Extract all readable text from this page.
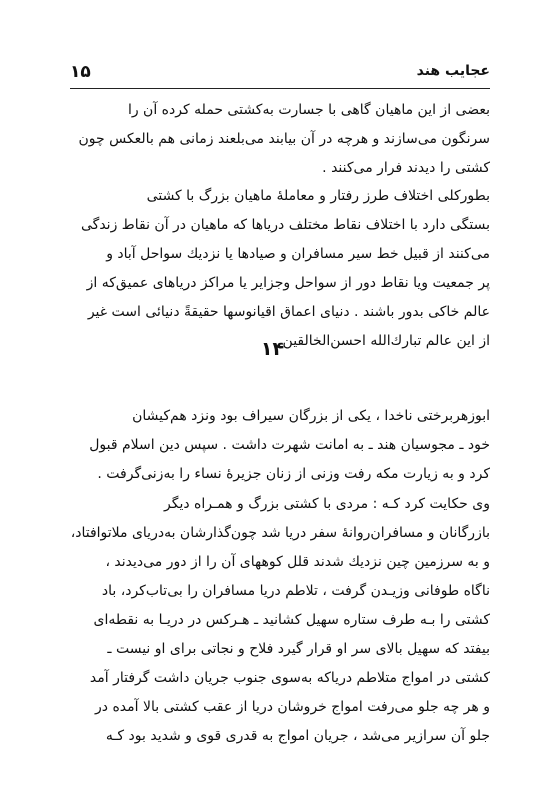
عجایب هند
۱۵
بعضی از این ماهیان گاهی با جسارت به‌کشتی حمله کرده آن را
سرنگون می‌سازند و هرچه در آن بیابند می‌بلعند زمانی هم بالعکس چون
کشتی را دیدند فرار می‌کنند .
بطورکلی اختلاف طرز رفتار و معاملهٔ ماهیان بزرگ با کشتی
بستگی دارد با اختلاف نقاط مختلف دریاها که ماهیان در آن نقاط زندگی
می‌کنند از قبیل خط سیر مسافران و صیادها یا نزدیك سواحل آباد و
پر جمعیت ویا نقاط دور از سواحل وجزایر یا مراکز دریاهای عمیق‌که از
عالم خاکی بدور باشند . دنیای اعماق اقیانوسها حقیقةً دنیائی است غیر
از این عالم تبارك‌الله احسن‌الخالقین .
۱۴
ابوزهربرختی ناخدا ، یکی از بزرگان سیراف بود ونزد هم‌کیشان
خود ـ مجوسیان هند ـ به امانت شهرت داشت . سپس دین اسلام قبول
کرد و به زیارت مکه رفت وزنی از زنان جزیرهٔ نساء را به‌زنی‌گرفت .
وی حکایت کرد کـه : مردی با کشتی بزرگ و همـراه دیگر
بازرگانان و مسافران‌روانهٔ سفر دریا شد چون‌گذارشان به‌دریای ملاتوافتاد،
و به سرزمین چین نزدیك شدند قلل کوههای آن را از دور می‌دیدند ،
ناگاه طوفانی وزیـدن گرفت ، تلاطم دریا مسافران را بی‌تاب‌کرد، باد
کشتی را بـه طرف ستاره سهیل کشانید ـ هـرکس در دریـا به نقطه‌ای
بیفتد که سهیل بالای سر او قرار گیرد فلاح و نجاتی برای او نیست ـ
کشتی در امواج متلاطم دریاکه به‌سوی جنوب جریان داشت گرفتار آمد
و هر چه جلو می‌رفت امواج خروشان دریا از عقب کشتی بالا آمده در
جلو آن سرازیر می‌شد ، جریان امواج به قدری قوی و شدید بود کـه
